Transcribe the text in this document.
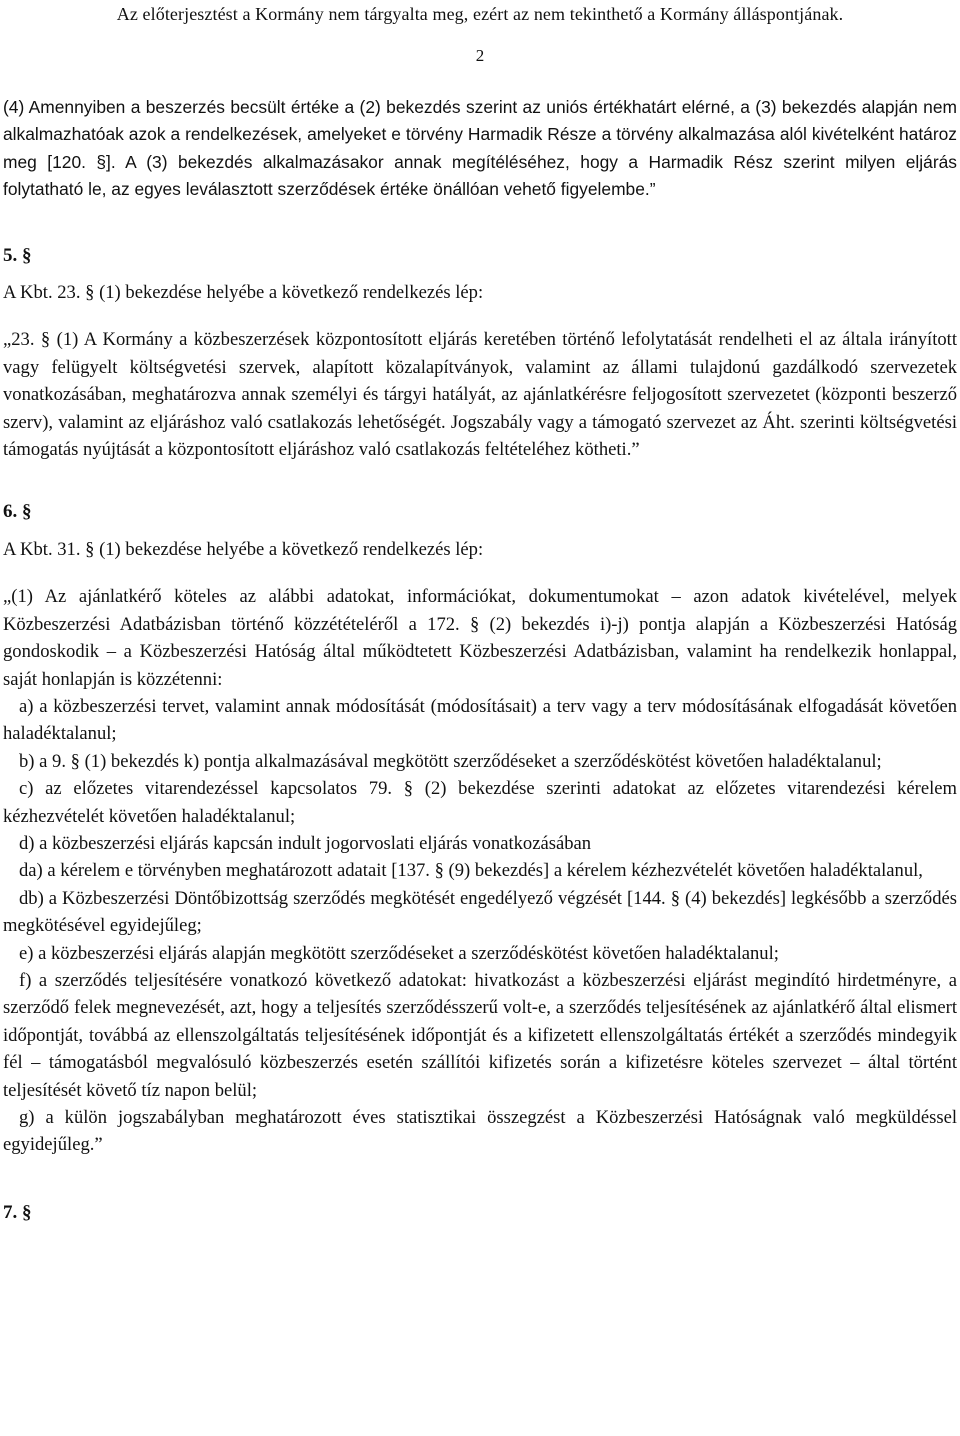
Az előterjesztést a Kormány nem tárgyalta meg, ezért az nem tekinthető a Kormány álláspontjának.
2

(4) Amennyiben a beszerzés becsült értéke a (2) bekezdés szerint az uniós értékhatárt elérné, a (3) bekezdés alapján nem alkalmazhatóak azok a rendelkezések, amelyeket e törvény Harmadik Része a törvény alkalmazása alól kivételként határoz meg [120. §]. A (3) bekezdés alkalmazásakor annak megítéléséhez, hogy a Harmadik Rész szerint milyen eljárás folytatható le, az egyes leválasztott szerződések értéke önállóan vehető figyelembe.”

5. §

A Kbt. 23. § (1) bekezdése helyébe a következő rendelkezés lép:

„23. § (1) A Kormány a közbeszerzések központosított eljárás keretében történő lefolytatását rendelheti el az általa irányított vagy felügyelt költségvetési szervek, alapított közalapítványok, valamint az állami tulajdonú gazdálkodó szervezetek vonatkozásában, meghatározva annak személyi és tárgyi hatályát, az ajánlatkérésre feljogosított szervezetet (központi beszerző szerv), valamint az eljáráshoz való csatlakozás lehetőségét. Jogszabály vagy a támogató szervezet az Áht. szerinti költségvetési támogatás nyújtását a központosított eljáráshoz való csatlakozás feltételéhez kötheti.”

6. §

A Kbt. 31. § (1) bekezdése helyébe a következő rendelkezés lép:

„(1) Az ajánlatkérő köteles az alábbi adatokat, információkat, dokumentumokat – azon adatok kivételével, melyek Közbeszerzési Adatbázisban történő közzétételéről a 172. § (2) bekezdés i)-j) pontja alapján a Közbeszerzési Hatóság gondoskodik – a Közbeszerzési Hatóság által működtetett Közbeszerzési Adatbázisban, valamint ha rendelkezik honlappal, saját honlapján is közzétenni:

a) a közbeszerzési tervet, valamint annak módosítását (módosításait) a terv vagy a terv módosításának elfogadását követően haladéktalanul;

b) a 9. § (1) bekezdés k) pontja alkalmazásával megkötött szerződéseket a szerződéskötést követően haladéktalanul;

c) az előzetes vitarendezéssel kapcsolatos 79. § (2) bekezdése szerinti adatokat az előzetes vitarendezési kérelem kézhezvételét követően haladéktalanul;

d) a közbeszerzési eljárás kapcsán indult jogorvoslati eljárás vonatkozásában

da) a kérelem e törvényben meghatározott adatait [137. § (9) bekezdés] a kérelem kézhezvételét követően haladéktalanul,

db) a Közbeszerzési Döntőbizottság szerződés megkötését engedélyező végzését [144. § (4) bekezdés] legkésőbb a szerződés megkötésével egyidejűleg;

e) a közbeszerzési eljárás alapján megkötött szerződéseket a szerződéskötést követően haladéktalanul;

f) a szerződés teljesítésére vonatkozó következő adatokat: hivatkozást a közbeszerzési eljárást megindító hirdetményre, a szerződő felek megnevezését, azt, hogy a teljesítés szerződésszerű volt-e, a szerződés teljesítésének az ajánlatkérő által elismert időpontját, továbbá az ellenszolgáltatás teljesítésének időpontját és a kifizetett ellenszolgáltatás értékét a szerződés mindegyik fél – támogatásból megvalósuló közbeszerzés esetén szállítói kifizetés során a kifizetésre köteles szervezet – által történt teljesítését követő tíz napon belül;

g) a külön jogszabályban meghatározott éves statisztikai összegzést a Közbeszerzési Hatóságnak való megküldéssel egyidejűleg.”

7. §
